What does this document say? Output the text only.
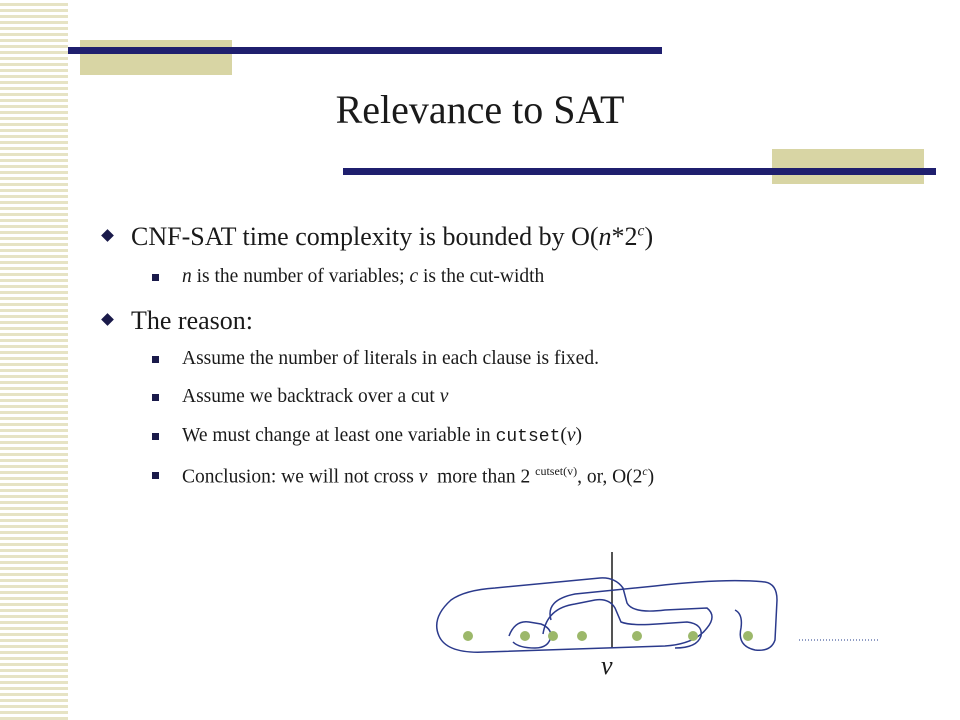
Relevance to SAT
CNF-SAT time complexity is bounded by O(n*2$^c$)
n is the number of variables; c is the cut-width
The reason:
Assume the number of literals in each clause is fixed.
Assume we backtrack over a cut v
We must change at least one variable in cutset(v)
Conclusion: we will not cross v  more than 2 $^{cutset(v)}$, or, O(2$^c$)
v
